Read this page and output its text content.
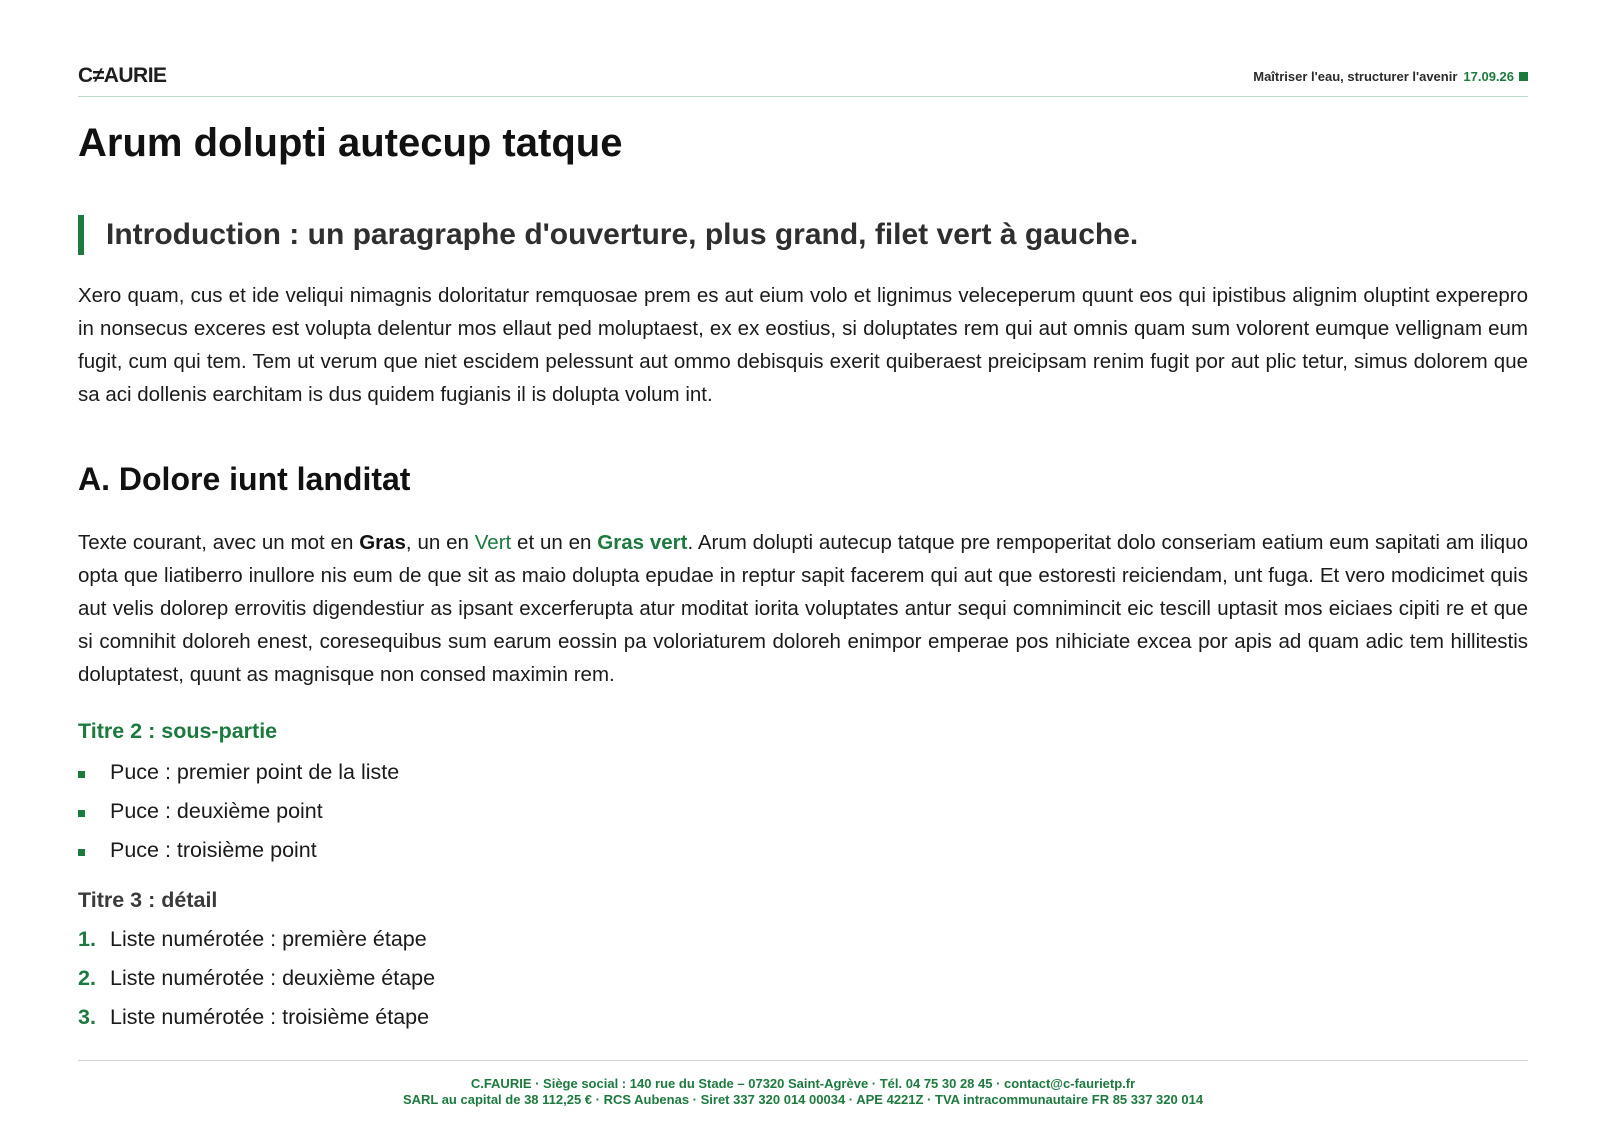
C≠AURIE	Maîtriser l'eau, structurer l'avenir 17.09.26
Arum dolupti autecup tatque
Introduction : un paragraphe d'ouverture, plus grand, filet vert à gauche.

Xero quam, cus et ide veliqui nimagnis doloritatur remquosae prem es aut eium volo et lignimus veleceperum quunt eos qui ipistibus alignim oluptint experepro in nonsecus exceres est volupta delentur mos ellaut ped moluptaest, ex ex eostius, si doluptates rem qui aut omnis quam sum volorent eumque vellignam eum fugit, cum qui tem. Tem ut verum que niet escidem pelessunt aut ommo debisquis exerit quiberaest preicipsam renim fugit por aut plic tetur, simus dolorem que sa aci dollenis earchitam is dus quidem fugianis il is dolupta volum int.

A. Dolore iunt landitat

Texte courant, avec un mot en Gras, un en Vert et un en Gras vert. Arum dolupti autecup tatque pre rempореritat dolo conseriam eatium eum sapitati am iliquo opta que liatiberro inullore nis eum de que sit as maio dolupta epudae in reptur sapit facerem qui aut que estoresti reiciendam, unt fuga. Et vero modicimet quis aut velis dolorep errovitis digendestiur as ipsant excerferupta atur moditat iorita voluptates antur sequi comnimincit eic tescill uptasit mos eiciaes cipiti re et que si comnihit doloreh enest, coresequibus sum earum eossin pa voloriaturem doloreh enimpor emperae pos nihiciate excea por apis ad quam adic tem hillitestis doluptatest, quunt as magnisque non consed maximin rem.

Titre 2 : sous-partie
Puce : premier point de la liste
Puce : deuxième point
Puce : troisième point
Titre 3 : détail
1. Liste numérotée : première étape
2. Liste numérotée : deuxième étape
3. Liste numérotée : troisième étape
C.FAURIE · Siège social : 140 rue du Stade – 07320 Saint-Agrève · Tél. 04 75 30 28 45 · contact@c-faurietp.fr
SARL au capital de 38 112,25 € · RCS Aubenas · Siret 337 320 014 00034 · APE 4221Z · TVA intracommunautaire FR 85 337 320 014
